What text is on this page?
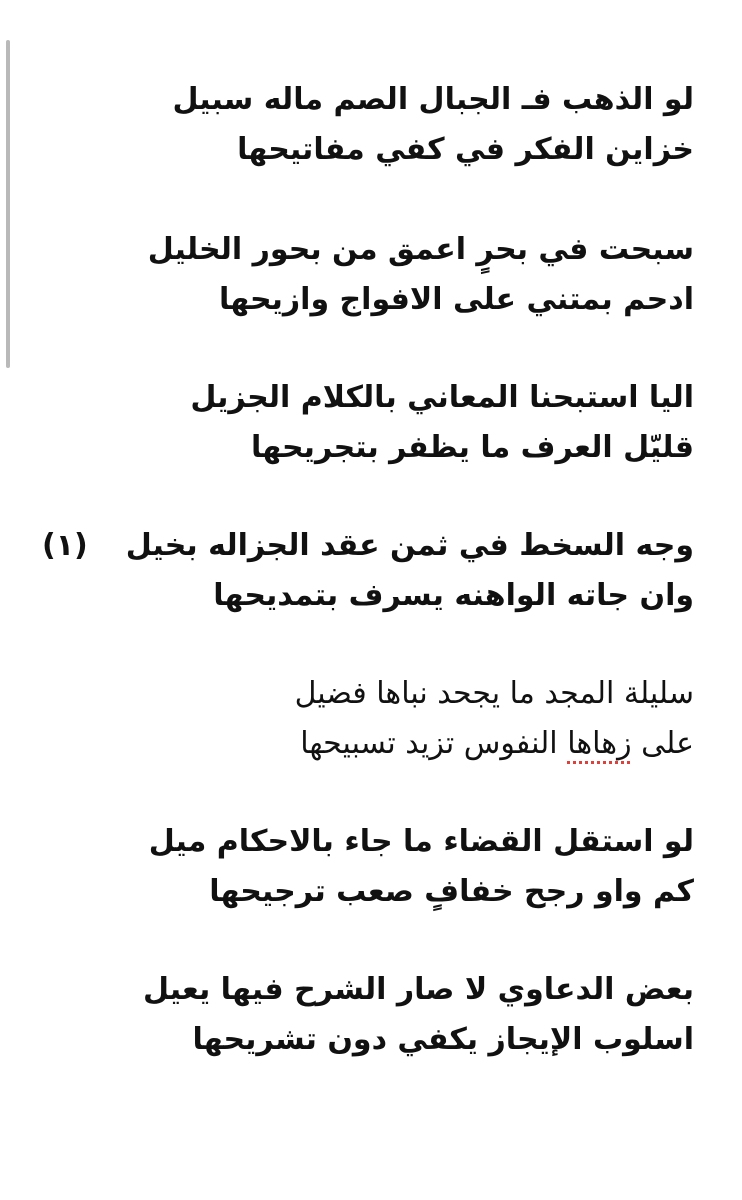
لو الذهب فـ الجبال الصم ماله سبيل
خزاين الفكر في كفي مفاتيحها
سبحت في بحرٍ اعمق من بحور الخليل
ادحم بمتني على الافواج وازيحها
اليا استبحنا المعاني بالكلام الجزيل
قليّل العرف ما يظفر بتجريحها
وجه السخط في ثمن عقد الجزاله بخيل
وان جاته الواهنه يسرف بتمديحها
سليلة المجد ما يجحد نباها فضيل
على زهاها النفوس تزيد تسبيحها
لو استقل القضاء ما جاء بالاحكام ميل
كم واو رجح خفافٍ صعب ترجيحها
بعض الدعاوي لا صار الشرح فيها يعيل
اسلوب الإيجاز يكفي دون تشريحها
(١)
